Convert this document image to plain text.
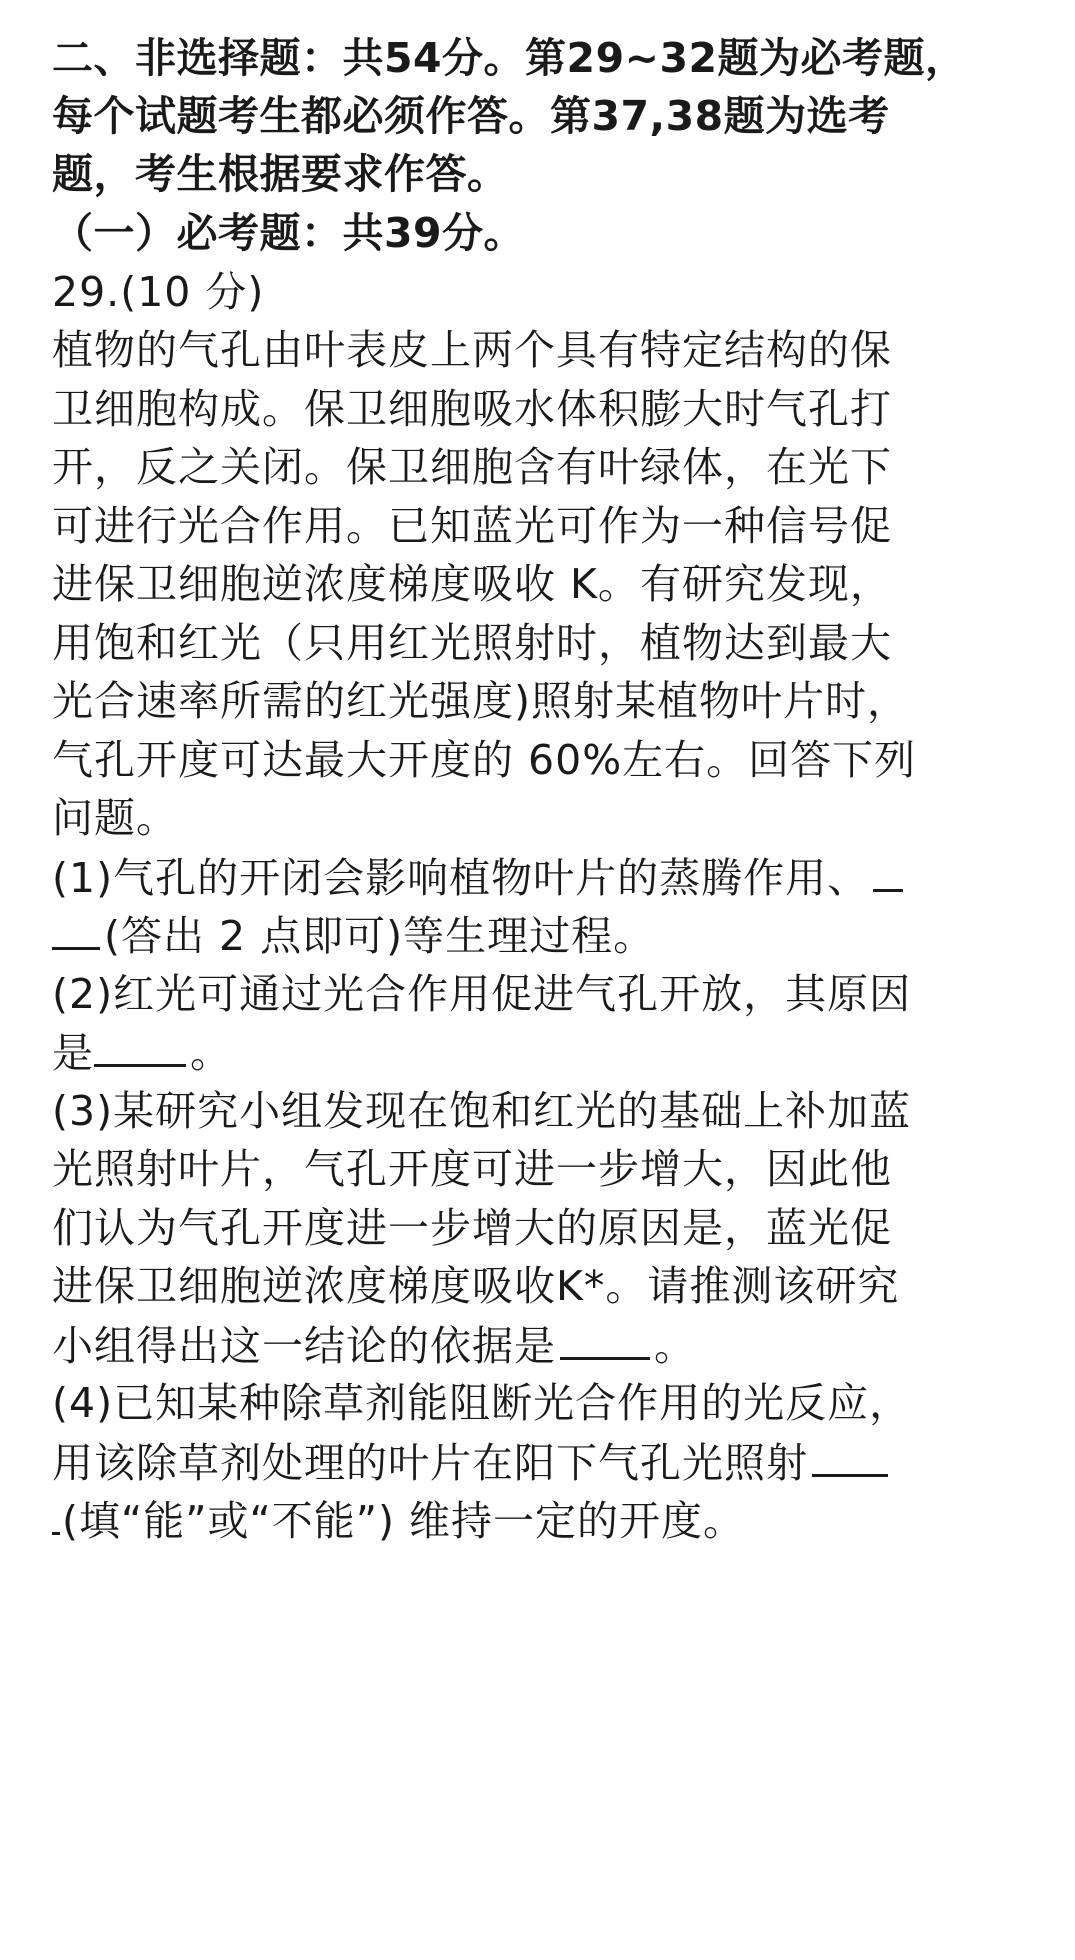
二、非选择题：共54分。第29~32题为必考题，
每个试题考生都必须作答。第37,38题为选考
题，考生根据要求作答。
（一）必考题：共39分。
29.(10 分)
植物的气孔由叶表皮上两个具有特定结构的保
卫细胞构成。保卫细胞吸水体积膨大时气孔打
开，反之关闭。保卫细胞含有叶绿体，在光下
可进行光合作用。已知蓝光可作为一种信号促
进保卫细胞逆浓度梯度吸收 K。有研究发现，
用饱和红光（只用红光照射时，植物达到最大
光合速率所需的红光强度)照射某植物叶片时，
气孔开度可达最大开度的 60%左右。回答下列
问题。
(1)气孔的开闭会影响植物叶片的蒸腾作用、
(答出 2 点即可)等生理过程。
(2)红光可通过光合作用促进气孔开放，其原因
是 。
(3)某研究小组发现在饱和红光的基础上补加蓝
光照射叶片，气孔开度可进一步增大，因此他
们认为气孔开度进一步增大的原因是，蓝光促
进保卫细胞逆浓度梯度吸收K*。请推测该研究
小组得出这一结论的依据是 。
(4)已知某种除草剂能阻断光合作用的光反应，
用该除草剂处理的叶片在阳下气孔光照射
(填“能”或“不能”) 维持一定的开度。
